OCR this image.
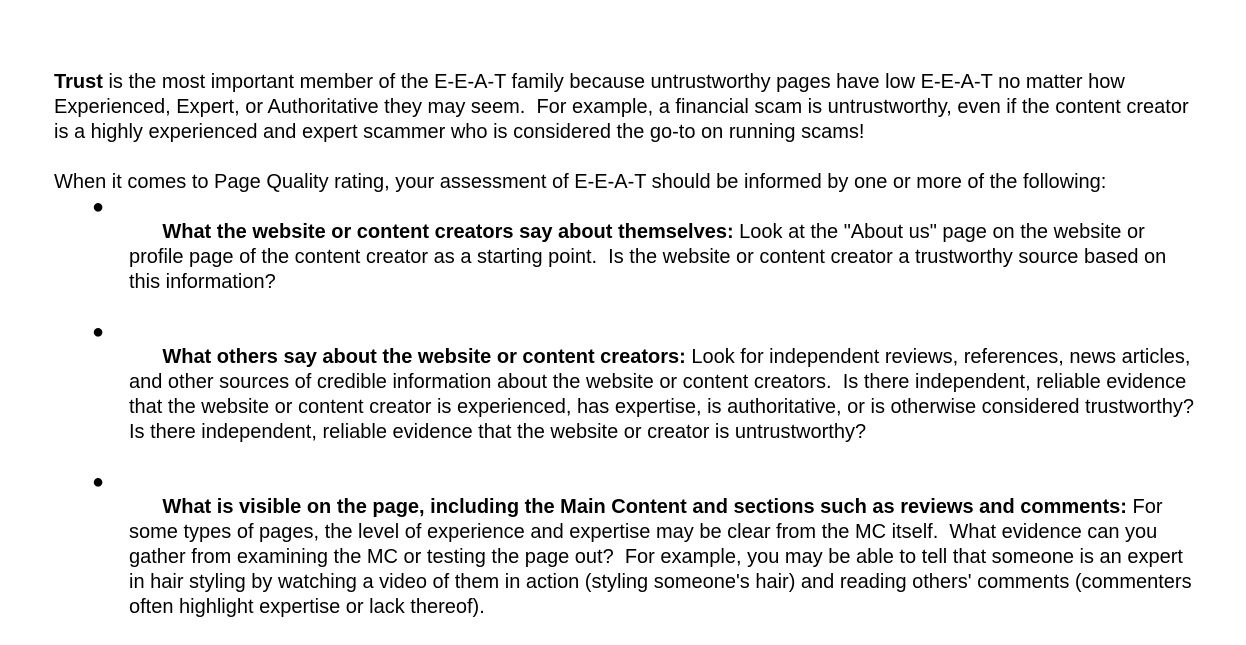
Trust is the most important member of the E-E-A-T family because untrustworthy pages have low E-E-A-T no matter how Experienced, Expert, or Authoritative they may seem.  For example, a financial scam is untrustworthy, even if the content creator is a highly experienced and expert scammer who is considered the go-to on running scams!

When it comes to Page Quality rating, your assessment of E-E-A-T should be informed by one or more of the following:

●
What the website or content creators say about themselves: Look at the "About us" page on the website or profile page of the content creator as a starting point.  Is the website or content creator a trustworthy source based on this information?

●
What others say about the website or content creators: Look for independent reviews, references, news articles, and other sources of credible information about the website or content creators.  Is there independent, reliable evidence that the website or content creator is experienced, has expertise, is authoritative, or is otherwise considered trustworthy?  Is there independent, reliable evidence that the website or creator is untrustworthy?

●
What is visible on the page, including the Main Content and sections such as reviews and comments: For some types of pages, the level of experience and expertise may be clear from the MC itself.  What evidence can you gather from examining the MC or testing the page out?  For example, you may be able to tell that someone is an expert in hair styling by watching a video of them in action (styling someone's hair) and reading others' comments (commenters often highlight expertise or lack thereof).
